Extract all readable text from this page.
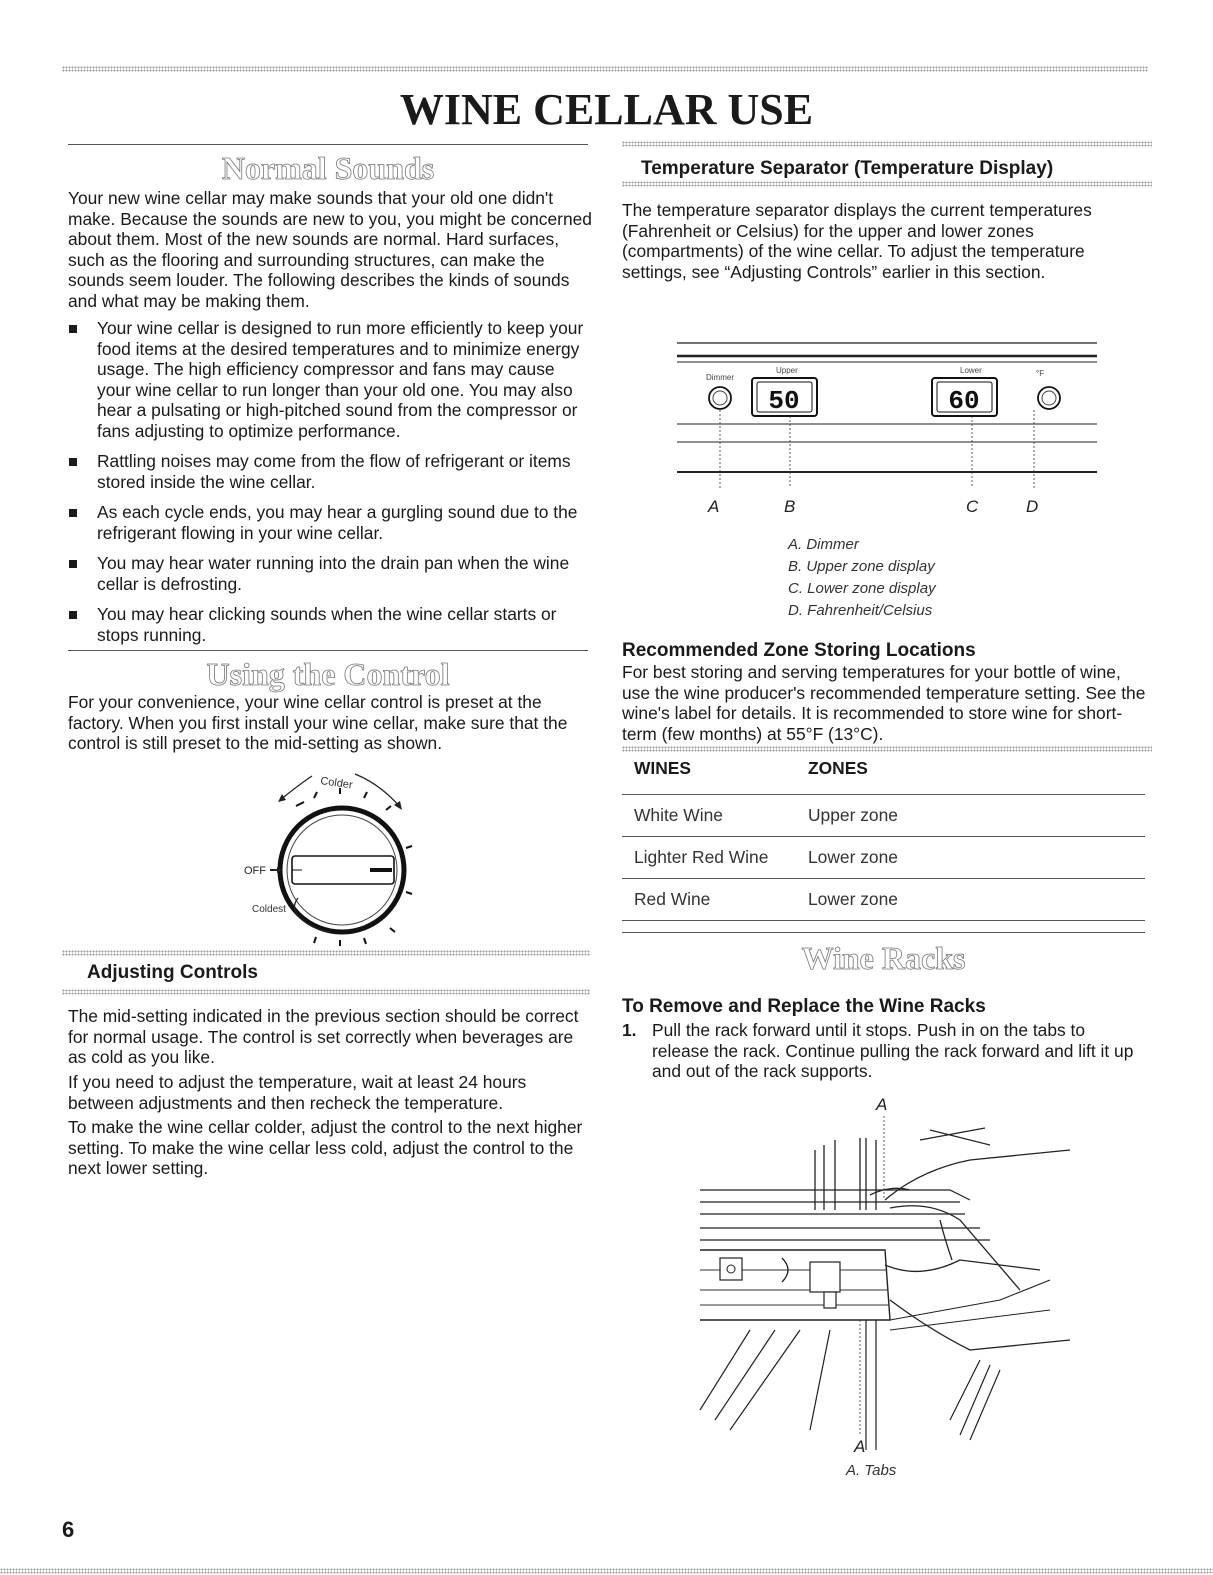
WINE CELLAR USE
Normal Sounds

Your new wine cellar may make sounds that your old one didn't make. Because the sounds are new to you, you might be concerned about them. Most of the new sounds are normal. Hard surfaces, such as the flooring and surrounding structures, can make the sounds seem louder. The following describes the kinds of sounds and what may be making them.

Your wine cellar is designed to run more efficiently to keep your food items at the desired temperatures and to minimize energy usage. The high efficiency compressor and fans may cause your wine cellar to run longer than your old one. You may also hear a pulsating or high-pitched sound from the compressor or fans adjusting to optimize performance.
Rattling noises may come from the flow of refrigerant or items stored inside the wine cellar.
As each cycle ends, you may hear a gurgling sound due to the refrigerant flowing in your wine cellar.
You may hear water running into the drain pan when the wine cellar is defrosting.
You may hear clicking sounds when the wine cellar starts or stops running.
Using the Control

For your convenience, your wine cellar control is preset at the factory. When you first install your wine cellar, make sure that the control is still preset to the mid-setting as shown.

Colder
OFF
Coldest
Adjusting Controls

The mid-setting indicated in the previous section should be correct for normal usage. The control is set correctly when beverages are as cold as you like.

If you need to adjust the temperature, wait at least 24 hours between adjustments and then recheck the temperature.

To make the wine cellar colder, adjust the control to the next higher setting. To make the wine cellar less cold, adjust the control to the next lower setting.

Temperature Separator (Temperature Display)

The temperature separator displays the current temperatures (Fahrenheit or Celsius) for the upper and lower zones (compartments) of the wine cellar. To adjust the temperature settings, see “Adjusting Controls” earlier in this section.

Dimmer
Upper	Lower	°F
50	60
A	B	C	D
A. Dimmer
B. Upper zone display
C. Lower zone display
D. Fahrenheit/Celsius
Recommended Zone Storing Locations

For best storing and serving temperatures for your bottle of wine, use the wine producer's recommended temperature setting. See the wine's label for details. It is recommended to store wine for short-term (few months) at 55°F (13°C).

WINES	ZONES
White Wine	Upper zone
Lighter Red Wine	Lower zone
Red Wine	Lower zone
Wine Racks
To Remove and Replace the Wine Racks
1. Pull the rack forward until it stops. Push in on the tabs to release the rack. Continue pulling the rack forward and lift it up and out of the rack supports.
A
A
A. Tabs

6
